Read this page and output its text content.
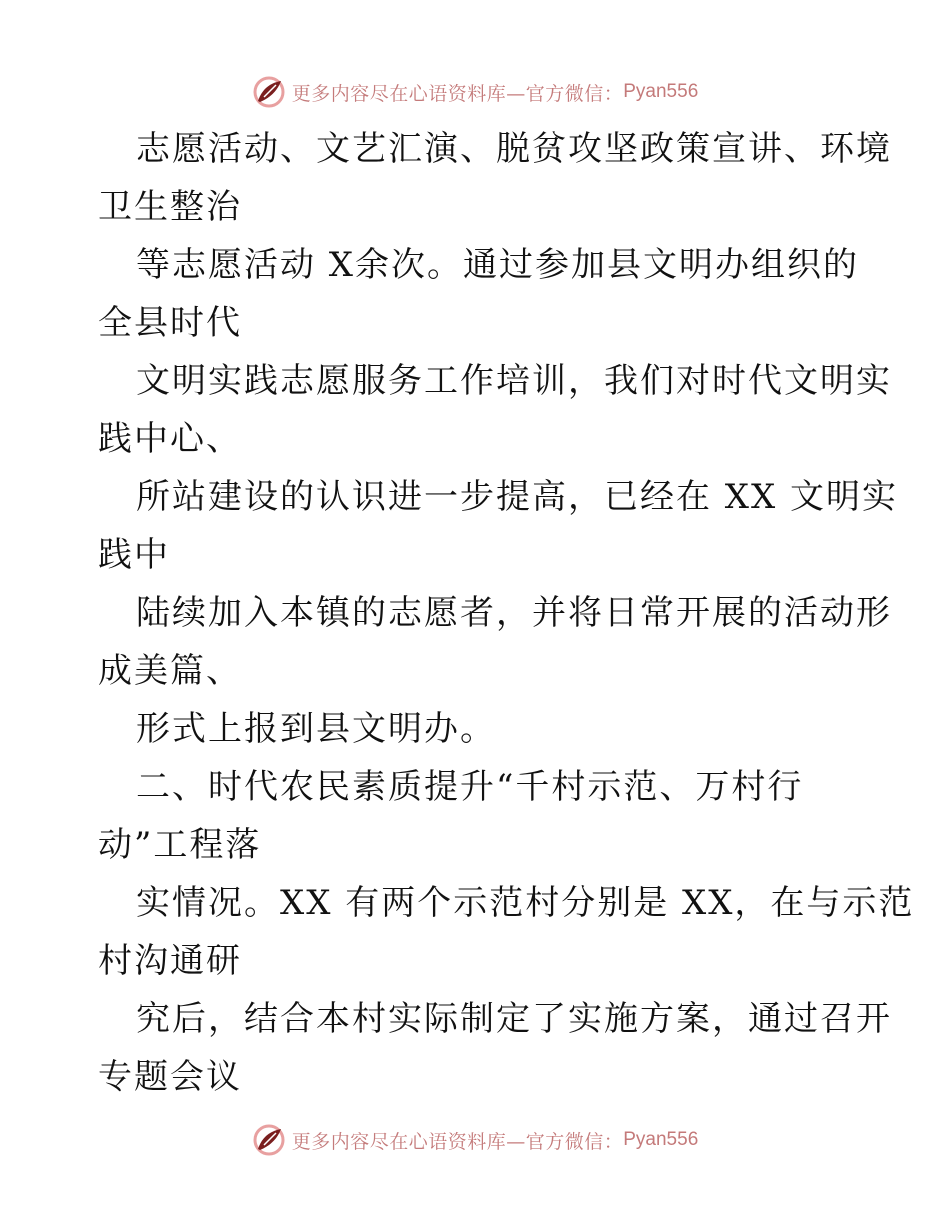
更多内容尽在心语资料库—官方微信： Pyan556
志愿活动、文艺汇演、脱贫攻坚政策宣讲、环境
卫生整治
等志愿活动 X余次。通过参加县文明办组织的
全县时代
文明实践志愿服务工作培训，我们对时代文明实
践中心、
所站建设的认识进一步提高，已经在 XX 文明实
践中
陆续加入本镇的志愿者，并将日常开展的活动形
成美篇、
形式上报到县文明办。
二、时代农民素质提升“千村示范、万村行
动”工程落
实情况。XX 有两个示范村分别是 XX，在与示范
村沟通研
究后，结合本村实际制定了实施方案，通过召开
专题会议
更多内容尽在心语资料库—官方微信： Pyan556
